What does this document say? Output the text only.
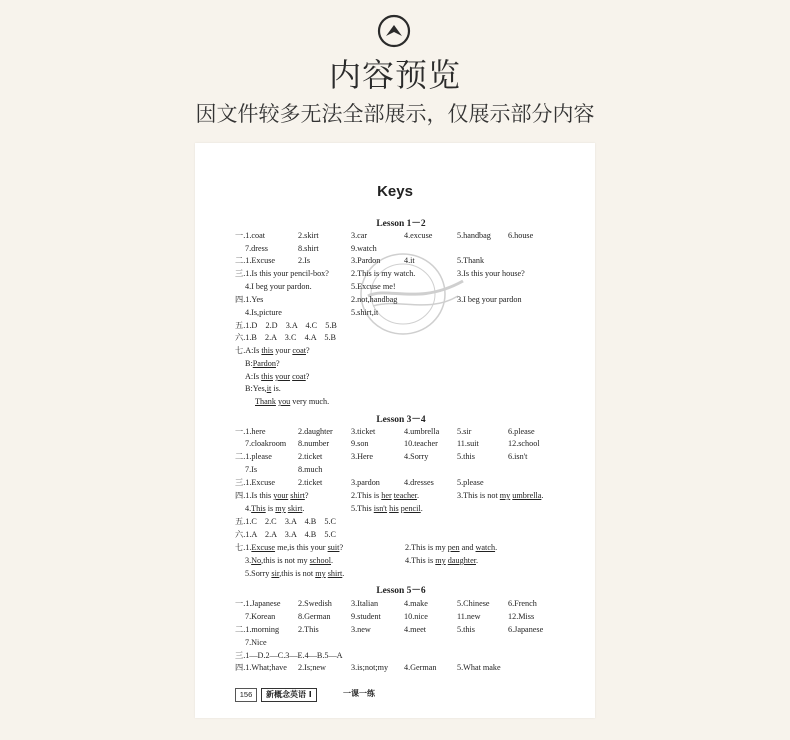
内容预览
因文件较多无法全部展示，仅展示部分内容
Keys
Lesson 1－2
一.1.coat	2.skirt	3.car	4.excuse	5.handbag 6.house
7.dress	8.shirt	9.watch
二.1.Excuse	2.Is	3.Pardon	4.it	5.Thank
三.1.Is this your pencil-box?	2.This is my watch.	3.Is this your house?
4.I beg your pardon.	5.Excuse me!
四.1.Yes	2.not,handbag	3.I beg your pardon
4.Is,picture	5.shirt,it
五.1.D　2.D　3.A　4.C　5.B
六.1.B　2.A　3.C　4.A　5.B
七.A:Is this your coat?
B:Pardon?
A:Is this your coat?
B:Yes,it is.
Thank you very much.
Lesson 3－4
一.1.here	2.daughter 3.ticket	4.umbrella 5.sir	6.please
7.cloakroom 8.number	9.son	10.teacher 11.suit	12.school
二.1.please	2.ticket	3.Here	4.Sorry	5.this	6.isn't
7.Is	8.much
三.1.Excuse	2.ticket	3.pardon	4.dresses	5.please
四.1.Is this your shirt?	2.This is her teacher.	3.This is not my umbrella.
4.This is my skirt.	5.This isn't his pencil.
五.1.C　2.C　3.A　4.B　5.C
六.1.A　2.A　3.A　4.B　5.C
七.1.Excuse me,is this your suit?	2.This is my pen and watch.
3.No,this is not my school.	4.This is my daughter.
5.Sorry sir,this is not my shirt.
Lesson 5－6
一.1.Japanese 2.Swedish 3.Italian	4.make	5.Chinese 6.French
7.Korean	8.German 9.student	10.nice	11.new	12.Miss
二.1.morning 2.This	3.new	4.meet	5.this	6.Japanese
7.Nice
三.1—D.2—C.3—E.4—B.5—A
四.1.What;have 2.Is;new	3.is;not;my 4.German 5.What make
156	新概念英语 Ⅰ	一课一练
